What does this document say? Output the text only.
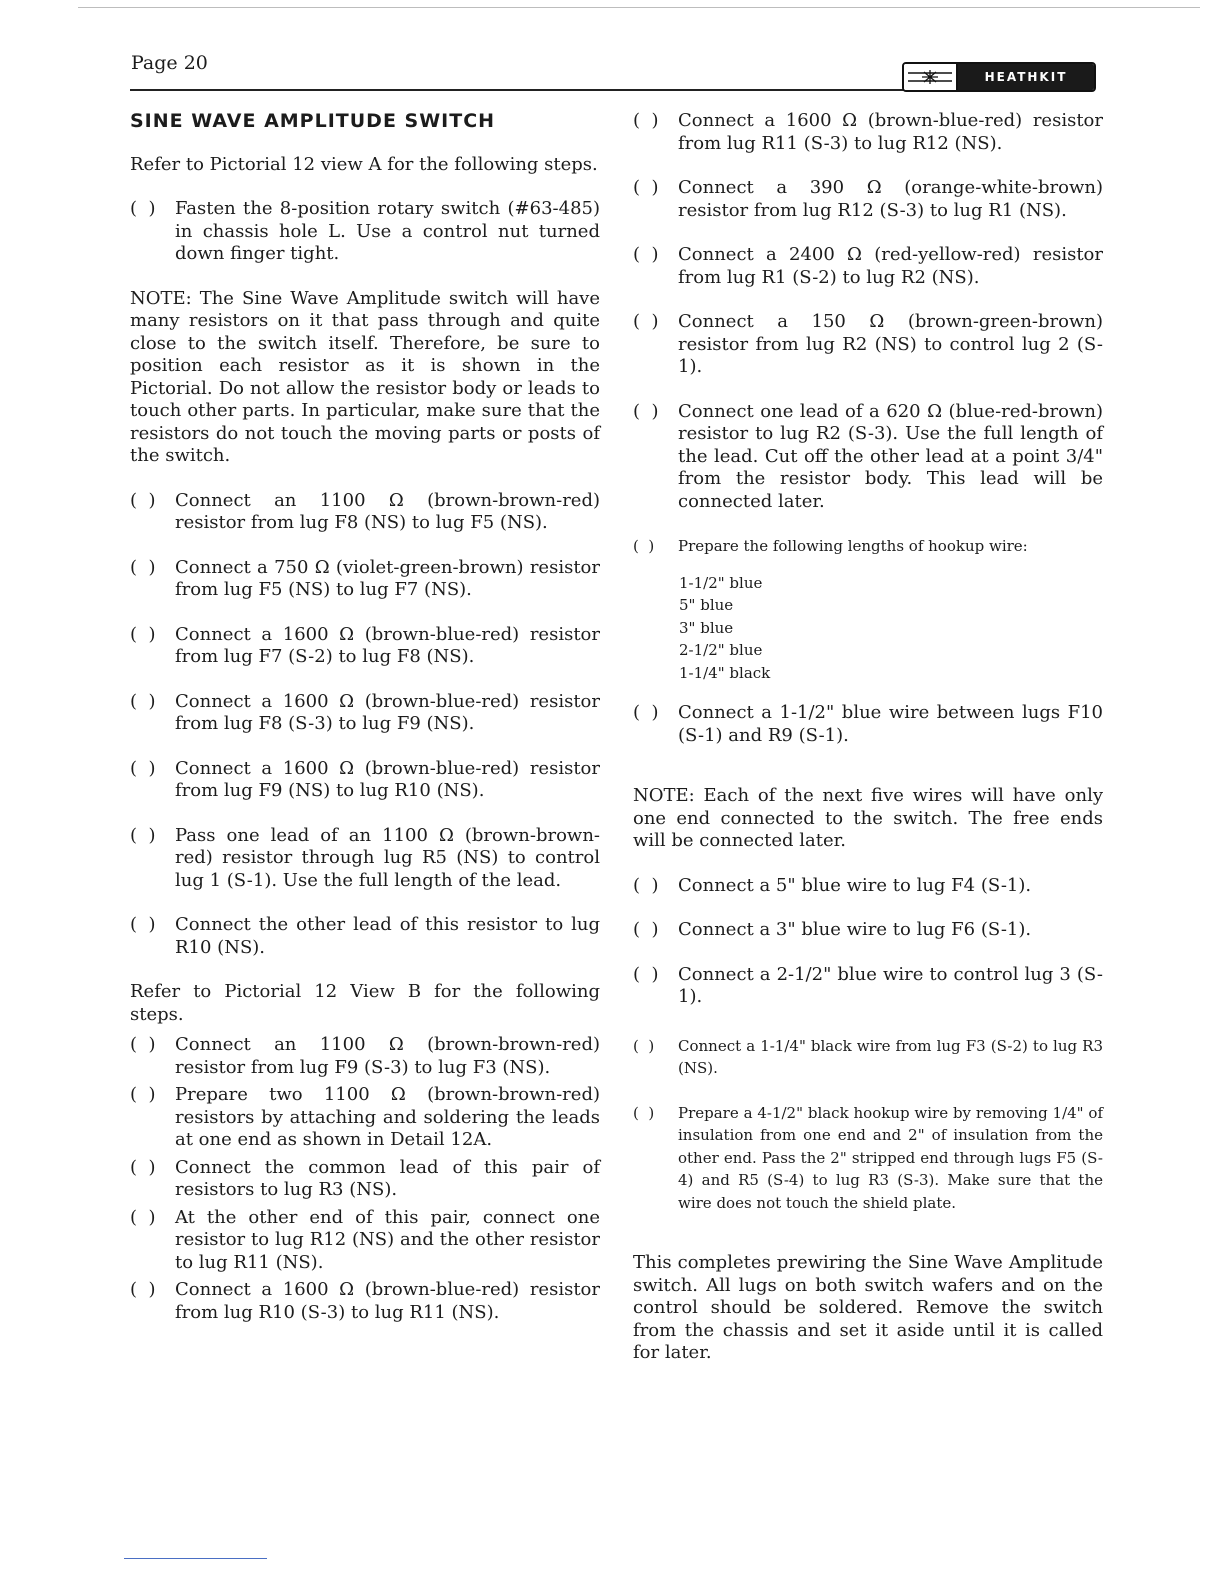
Page 20
HEATHKIT
SINE WAVE AMPLITUDE SWITCH
Refer to Pictorial 12 view A for the following steps.
(  ) Fasten the 8-position rotary switch (#63-485) in chassis hole L. Use a control nut turned down finger tight.
NOTE: The Sine Wave Amplitude switch will have many resistors on it that pass through and quite close to the switch itself. Therefore, be sure to position each resistor as it is shown in the Pictorial. Do not allow the resistor body or leads to touch other parts. In particular, make sure that the resistors do not touch the moving parts or posts of the switch.
(  ) Connect an 1100 Ω (brown-brown-red) resistor from lug F8 (NS) to lug F5 (NS).
(  ) Connect a 750 Ω (violet-green-brown) resistor from lug F5 (NS) to lug F7 (NS).
(  ) Connect a 1600 Ω (brown-blue-red) resistor from lug F7 (S-2) to lug F8 (NS).
(  ) Connect a 1600 Ω (brown-blue-red) resistor from lug F8 (S-3) to lug F9 (NS).
(  ) Connect a 1600 Ω (brown-blue-red) resistor from lug F9 (NS) to lug R10 (NS).
(  ) Pass one lead of an 1100 Ω (brown-brown-red) resistor through lug R5 (NS) to control lug 1 (S-1). Use the full length of the lead.
(  ) Connect the other lead of this resistor to lug R10 (NS).
Refer to Pictorial 12 View B for the following steps.
(  ) Connect an 1100 Ω (brown-brown-red) resistor from lug F9 (S-3) to lug F3 (NS).
(  ) Prepare two 1100 Ω (brown-brown-red) resistors by attaching and soldering the leads at one end as shown in Detail 12A.
(  ) Connect the common lead of this pair of resistors to lug R3 (NS).
(  ) At the other end of this pair, connect one resistor to lug R12 (NS) and the other resistor to lug R11 (NS).
(  ) Connect a 1600 Ω (brown-blue-red) resistor from lug R10 (S-3) to lug R11 (NS).
(  ) Connect a 1600 Ω (brown-blue-red) resistor from lug R11 (S-3) to lug R12 (NS).
(  ) Connect a 390 Ω (orange-white-brown) resistor from lug R12 (S-3) to lug R1 (NS).
(  ) Connect a 2400 Ω (red-yellow-red) resistor from lug R1 (S-2) to lug R2 (NS).
(  ) Connect a 150 Ω (brown-green-brown) resistor from lug R2 (NS) to control lug 2 (S-1).
(  ) Connect one lead of a 620 Ω (blue-red-brown) resistor to lug R2 (S-3). Use the full length of the lead. Cut off the other lead at a point 3/4" from the resistor body. This lead will be connected later.
(  ) Prepare the following lengths of hookup wire:
1-1/2" blue
5" blue
3" blue
2-1/2" blue
1-1/4" black
(  ) Connect a 1-1/2" blue wire between lugs F10 (S-1) and R9 (S-1).
NOTE: Each of the next five wires will have only one end connected to the switch. The free ends will be connected later.
(  ) Connect a 5" blue wire to lug F4 (S-1).
(  ) Connect a 3" blue wire to lug F6 (S-1).
(  ) Connect a 2-1/2" blue wire to control lug 3 (S-1).
(  ) Connect a 1-1/4" black wire from lug F3 (S-2) to lug R3 (NS).
(  ) Prepare a 4-1/2" black hookup wire by removing 1/4" of insulation from one end and 2" of insulation from the other end. Pass the 2" stripped end through lugs F5 (S-4) and R5 (S-4) to lug R3 (S-3). Make sure that the wire does not touch the shield plate.
This completes prewiring the Sine Wave Amplitude switch. All lugs on both switch wafers and on the control should be soldered. Remove the switch from the chassis and set it aside until it is called for later.
